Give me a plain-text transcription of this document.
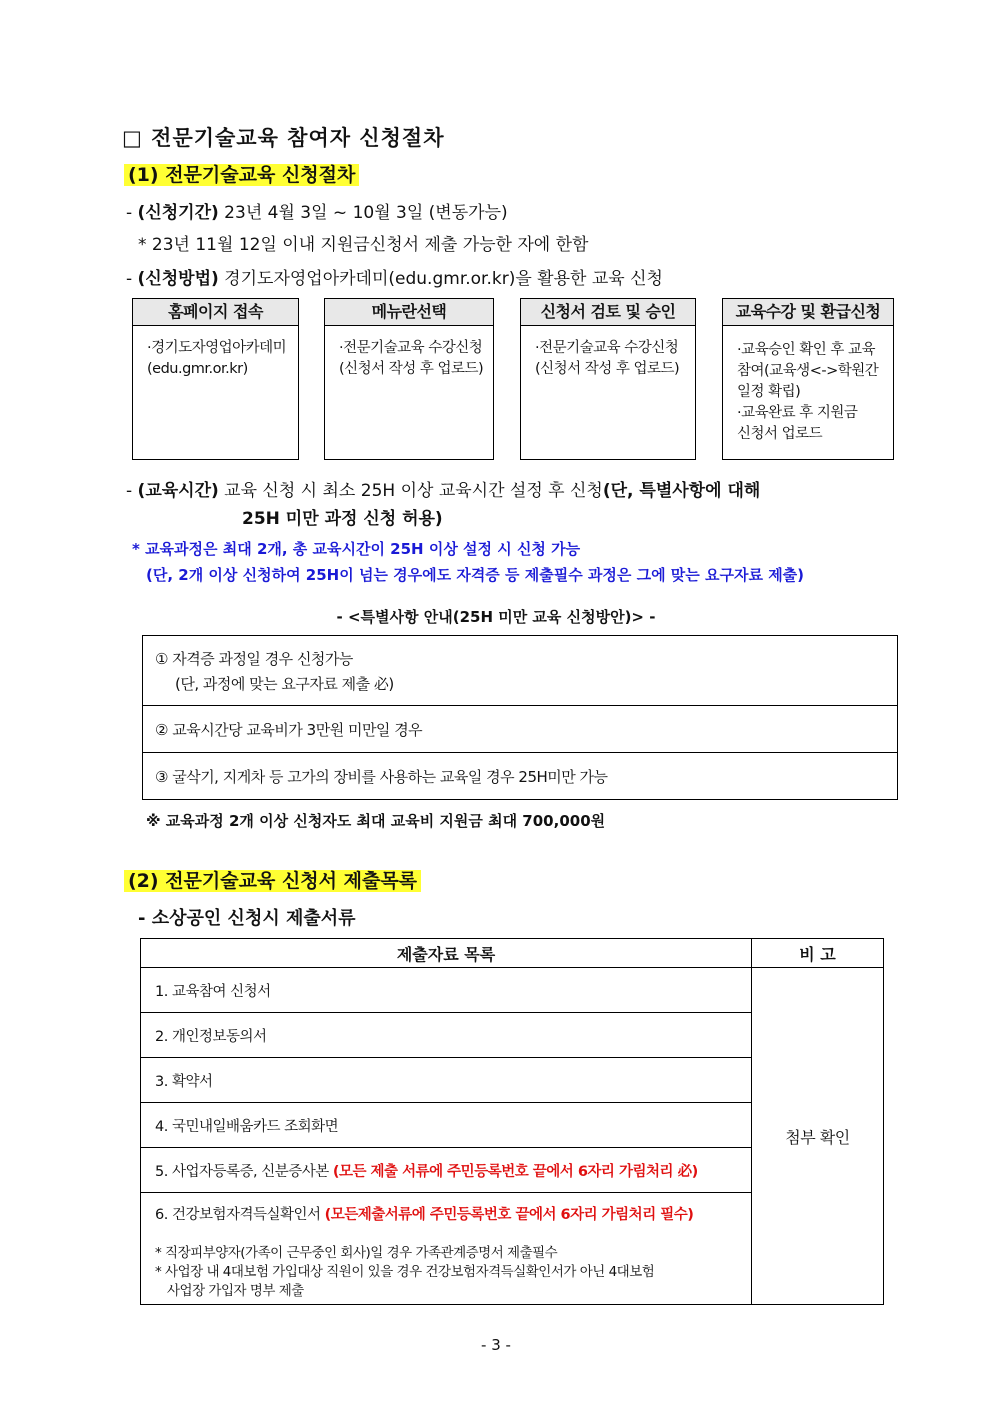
□ 전문기술교육 참여자 신청절차
(1) 전문기술교육 신청절차
- (신청기간) 23년 4월 3일 ~ 10월 3일 (변동가능)
* 23년 11월 12일 이내 지원금신청서 제출 가능한 자에 한함
- (신청방법) 경기도자영업아카데미(edu.gmr.or.kr)을 활용한 교육 신청
홈페이지 접속
·경기도자영업아카데미
(edu.gmr.or.kr)
메뉴란선택
·전문기술교육 수강신청
(신청서 작성 후 업로드)
신청서 검토 및 승인
·전문기술교육 수강신청
(신청서 작성 후 업로드)
교육수강 및 환급신청
·교육승인 확인 후 교육
참여(교육생<->학원간
일정 확립)
·교육완료 후 지원금
신청서 업로드
- (교육시간) 교육 신청 시 최소 25H 이상 교육시간 설정 후 신청(단, 특별사항에 대해
25H 미만 과정 신청 허용)
* 교육과정은 최대 2개, 총 교육시간이 25H 이상 설정 시 신청 가능
(단, 2개 이상 신청하여 25H이 넘는 경우에도 자격증 등 제출필수 과정은 그에 맞는 요구자료 제출)
- <특별사항 안내(25H 미만 교육 신청방안)> -
① 자격증 과정일 경우 신청가능
(단, 과정에 맞는 요구자료 제출 必)

② 교육시간당 교육비가 3만원 미만일 경우
③ 굴삭기, 지게차 등 고가의 장비를 사용하는 교육일 경우 25H미만 가능
※ 교육과정 2개 이상 신청자도 최대 교육비 지원금 최대 700,000원
(2) 전문기술교육 신청서 제출목록
- 소상공인 신청시 제출서류
제출자료 목록	비 고
1. 교육참여 신청서	첨부 확인
2. 개인정보동의서	
3. 확약서	
4. 국민내일배움카드 조회화면	
5. 사업자등록증, 신분증사본 (모든 제출 서류에 주민등록번호 끝에서 6자리 가림처리 必)	

6. 건강보험자격득실확인서 (모든제출서류에 주민등록번호 끝에서 6자리 가림처리 필수)
* 직장피부양자(가족이 근무중인 회사)일 경우 가족관계증명서 제출필수
* 사업장 내 4대보험 가입대상 직원이 있을 경우 건강보험자격득실확인서가 아닌 4대보험
사업장 가입자 명부 제출	
- 3 -
